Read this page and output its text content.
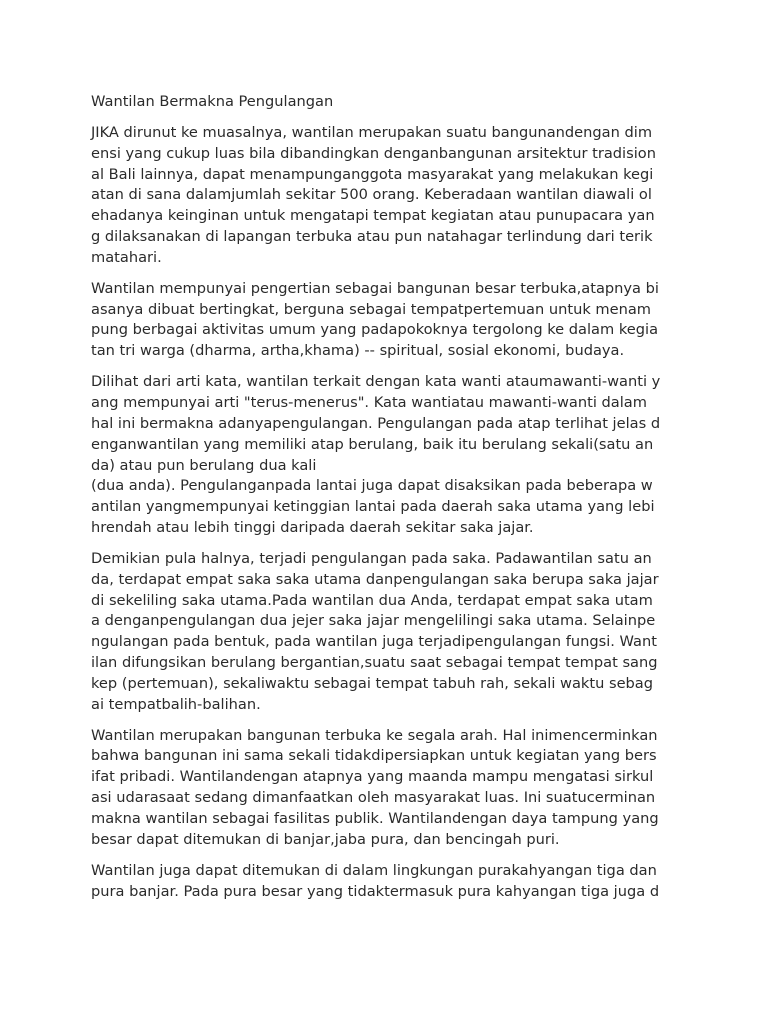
Wantilan Bermakna Pengulangan

JIKA dirunut ke muasalnya, wantilan merupakan suatu bangunandengan dim
ensi yang cukup luas bila dibandingkan denganbangunan arsitektur tradision
al Bali lainnya, dapat menampunganggota masyarakat yang melakukan kegi
atan di sana dalamjumlah sekitar 500 orang. Keberadaan wantilan diawali ol
ehadanya keinginan untuk mengatapi tempat kegiatan atau punupacara yan
g dilaksanakan di lapangan terbuka atau pun natahagar terlindung dari terik
matahari.

Wantilan mempunyai pengertian sebagai bangunan besar terbuka,atapnya bi
asanya dibuat bertingkat, berguna sebagai tempatpertemuan untuk menam
pung berbagai aktivitas umum yang padapokoknya tergolong ke dalam kegia
tan tri warga (dharma, artha,khama) -- spiritual, sosial ekonomi, budaya.

Dilihat dari arti kata, wantilan terkait dengan kata wanti ataumawanti-wanti y
ang mempunyai arti "terus-menerus". Kata wantiatau mawanti-wanti dalam
hal ini bermakna adanyapengulangan. Pengulangan pada atap terlihat jelas d
enganwantilan yang memiliki atap berulang, baik itu berulang sekali(satu an
da) atau pun berulang dua kali
(dua anda). Pengulanganpada lantai juga dapat disaksikan pada beberapa w
antilan yangmempunyai ketinggian lantai pada daerah saka utama yang lebi
hrendah atau lebih tinggi daripada daerah sekitar saka jajar.

Demikian pula halnya, terjadi pengulangan pada saka. Padawantilan satu an
da, terdapat empat saka saka utama danpengulangan saka berupa saka jajar
di sekeliling saka utama.Pada wantilan dua Anda, terdapat empat saka utam
a denganpengulangan dua jejer saka jajar mengelilingi saka utama. Selainpe
ngulangan pada bentuk, pada wantilan juga terjadipengulangan fungsi. Want
ilan difungsikan berulang bergantian,suatu saat sebagai tempat tempat sang
kep (pertemuan), sekaliwaktu sebagai tempat tabuh rah, sekali waktu sebag
ai tempatbalih-balihan.

Wantilan merupakan bangunan terbuka ke segala arah. Hal inimencerminkan
bahwa bangunan ini sama sekali tidakdipersiapkan untuk kegiatan yang bers
ifat pribadi. Wantilandengan atapnya yang maanda mampu mengatasi sirkul
asi udarasaat sedang dimanfaatkan oleh masyarakat luas. Ini suatucerminan
makna wantilan sebagai fasilitas publik. Wantilandengan daya tampung yang
besar dapat ditemukan di banjar,jaba pura, dan bencingah puri.

Wantilan juga dapat ditemukan di dalam lingkungan purakahyangan tiga dan
pura banjar. Pada pura besar yang tidaktermasuk pura kahyangan tiga juga d
